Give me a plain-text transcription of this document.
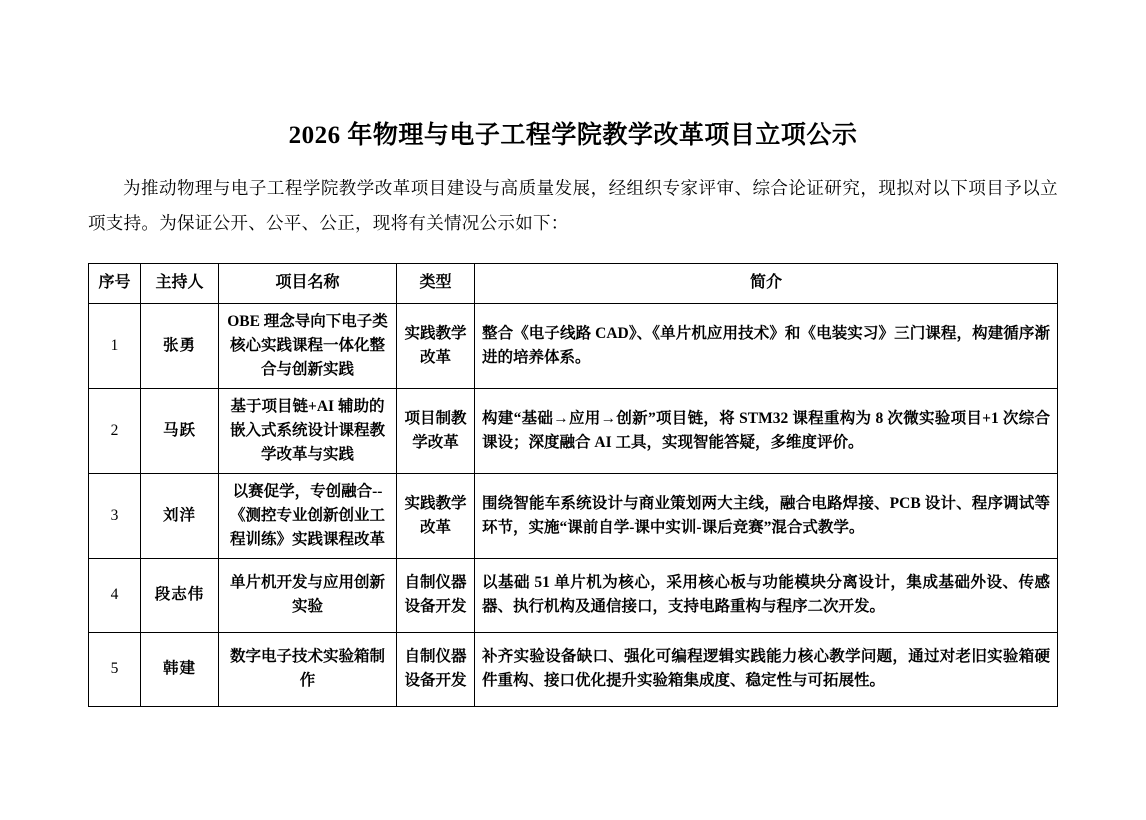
2026 年物理与电子工程学院教学改革项目立项公示

为推动物理与电子工程学院教学改革项目建设与高质量发展，经组织专家评审、综合论证研究，现拟对以下项目予以立项支持。为保证公开、公平、公正，现将有关情况公示如下：

序号	主持人	项目名称	类型	简介
1	张勇	OBE 理念导向下电子类核心实践课程一体化整合与创新实践	实践教学改革	整合《电子线路 CAD》、《单片机应用技术》和《电装实习》三门课程，构建循序渐进的培养体系。
2	马跃	基于项目链+AI 辅助的嵌入式系统设计课程教学改革与实践	项目制教学改革	构建“基础→应用→创新”项目链，将 STM32 课程重构为 8 次微实验项目+1 次综合课设；深度融合 AI 工具，实现智能答疑，多维度评价。
3	刘洋	以赛促学，专创融合--《测控专业创新创业工程训练》实践课程改革	实践教学改革	围绕智能车系统设计与商业策划两大主线，融合电路焊接、PCB 设计、程序调试等环节，实施“课前自学-课中实训-课后竞赛”混合式教学。
4	段志伟	单片机开发与应用创新实验	自制仪器设备开发	以基础 51 单片机为核心，采用核心板与功能模块分离设计，集成基础外设、传感器、执行机构及通信接口，支持电路重构与程序二次开发。
5	韩建	数字电子技术实验箱制作	自制仪器设备开发	补齐实验设备缺口、强化可编程逻辑实践能力核心教学问题，通过对老旧实验箱硬件重构、接口优化提升实验箱集成度、稳定性与可拓展性。
